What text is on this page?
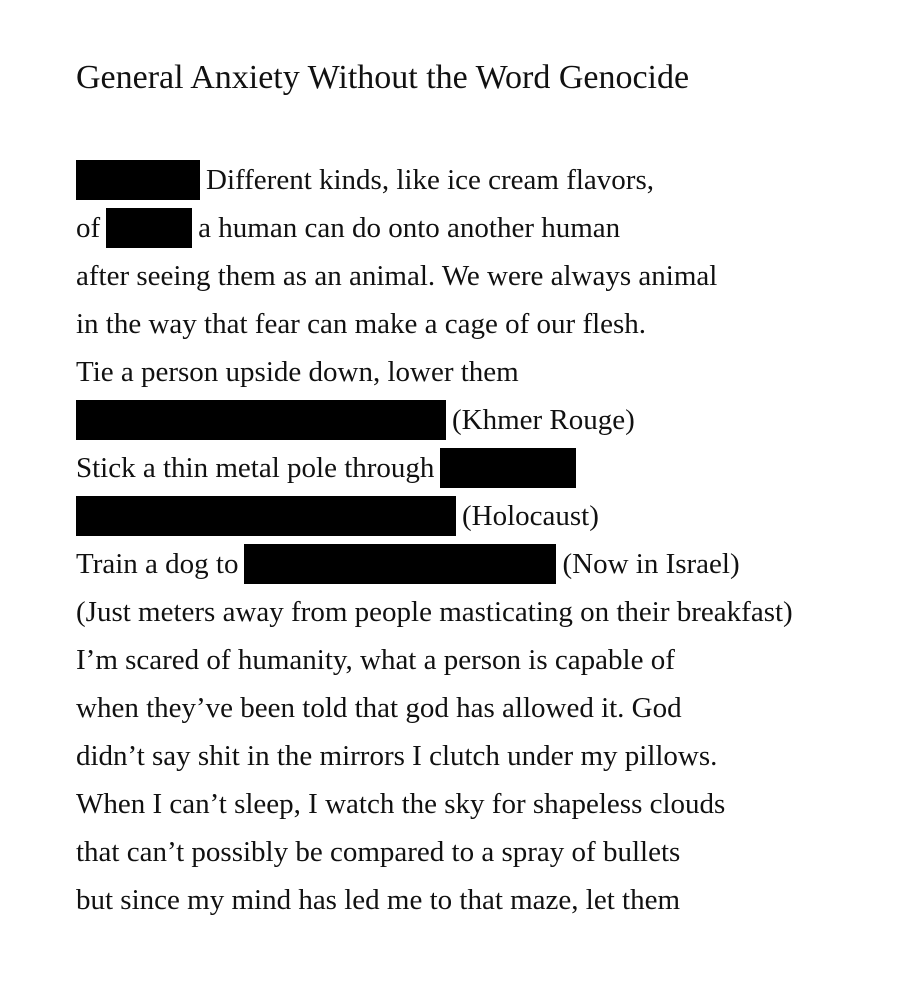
General Anxiety Without the Word Genocide
Different kinds, like ice cream flavors,
of	a human can do onto another human
after seeing them as an animal. We were always animal
in the way that fear can make a cage of our flesh.
Tie a person upside down, lower them
(Khmer Rouge)
Stick a thin metal pole through
(Holocaust)
Train a dog to	(Now in Israel)
(Just meters away from people masticating on their breakfast)
I’m scared of humanity, what a person is capable of
when they’ve been told that god has allowed it. God
didn’t say shit in the mirrors I clutch under my pillows.
When I can’t sleep, I watch the sky for shapeless clouds
that can’t possibly be compared to a spray of bullets
but since my mind has led me to that maze, let them
